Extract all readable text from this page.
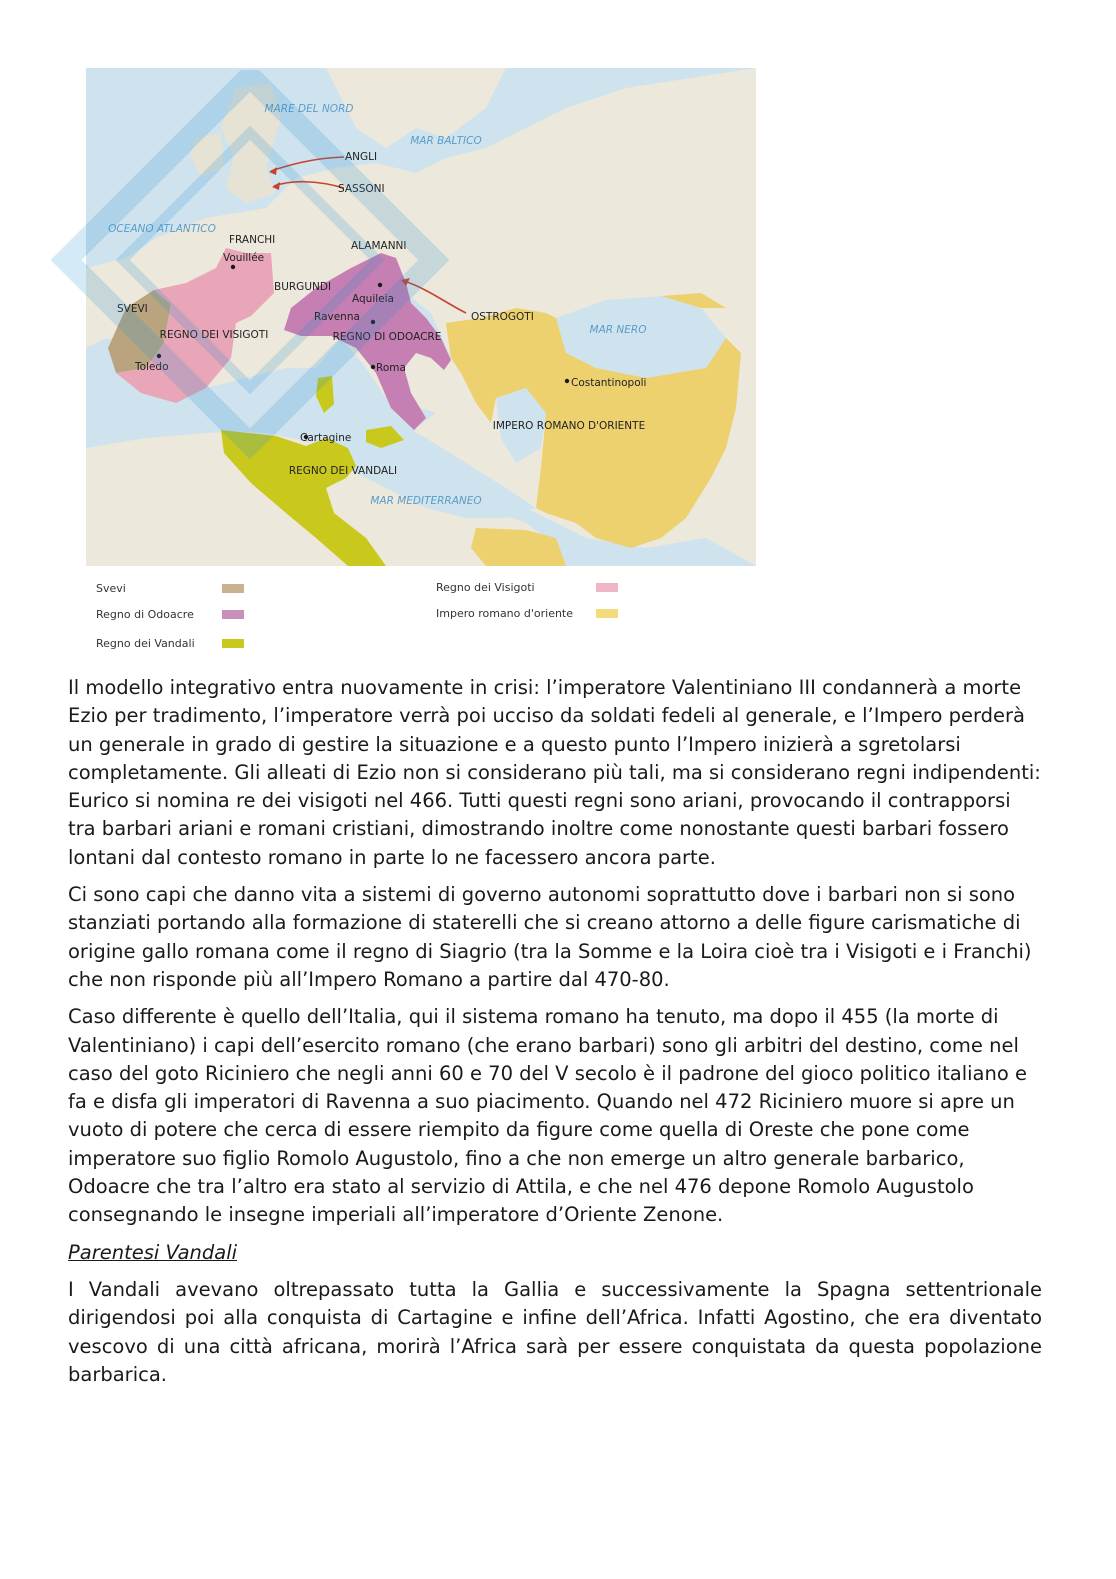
MARE DEL NORD
MAR BALTICO
OCEANO ATLANTICO
MAR NERO
MAR MEDITERRANEO
ANGLI
SASSONI
FRANCHI	ALAMANNI
BURGUNDI
SVEVI
OSTROGOTI
REGNO DEI VISIGOTI	REGNO DI ODOACRE
REGNO DEI VANDALI
IMPERO ROMANO D'ORIENTE
Vouillée
Toledo
Aquileia
Ravenna
Roma
Cartagine
Costantinopoli
Svevi
Regno di Odoacre
Regno dei Vandali
Regno dei Visigoti
Impero romano d'oriente

Il modello integrativo entra nuovamente in crisi: l’imperatore Valentiniano III condannerà a morte Ezio per tradimento, l’imperatore verrà poi ucciso da soldati fedeli al generale, e l’Impero perderà un generale in grado di gestire la situazione e a questo punto l’Impero inizierà a sgretolarsi completamente. Gli alleati di Ezio non si considerano più tali, ma si considerano regni indipendenti: Eurico si nomina re dei visigoti nel 466. Tutti questi regni sono ariani, provocando il contrapporsi tra barbari ariani e romani cristiani, dimostrando inoltre come nonostante questi barbari fossero lontani dal contesto romano in parte lo ne facessero ancora parte.

Ci sono capi che danno vita a sistemi di governo autonomi soprattutto dove i barbari non si sono stanziati portando alla formazione di staterelli che si creano attorno a delle figure carismatiche di origine gallo romana come il regno di Siagrio (tra la Somme e la Loira cioè tra i Visigoti e i Franchi) che non risponde più all’Impero Romano a partire dal 470-80.

Caso differente è quello dell’Italia, qui il sistema romano ha tenuto, ma dopo il 455 (la morte di Valentiniano) i capi dell’esercito romano (che erano barbari) sono gli arbitri del destino, come nel caso del goto Riciniero che negli anni 60 e 70 del V secolo è il padrone del gioco politico italiano e fa e disfa gli imperatori di Ravenna a suo piacimento. Quando nel 472 Riciniero muore si apre un vuoto di potere che cerca di essere riempito da figure come quella di Oreste che pone come imperatore suo figlio Romolo Augustolo, fino a che non emerge un altro generale barbarico, Odoacre che tra l’altro era stato al servizio di Attila, e che nel 476 depone Romolo Augustolo consegnando le insegne imperiali all’imperatore d’Oriente Zenone.

Parentesi Vandali

I Vandali avevano oltrepassato tutta la Gallia e successivamente la Spagna settentrionale dirigendosi poi alla conquista di Cartagine e infine dell’Africa. Infatti Agostino, che era diventato vescovo di una città africana, morirà l’Africa sarà per essere conquistata da questa popolazione barbarica.
